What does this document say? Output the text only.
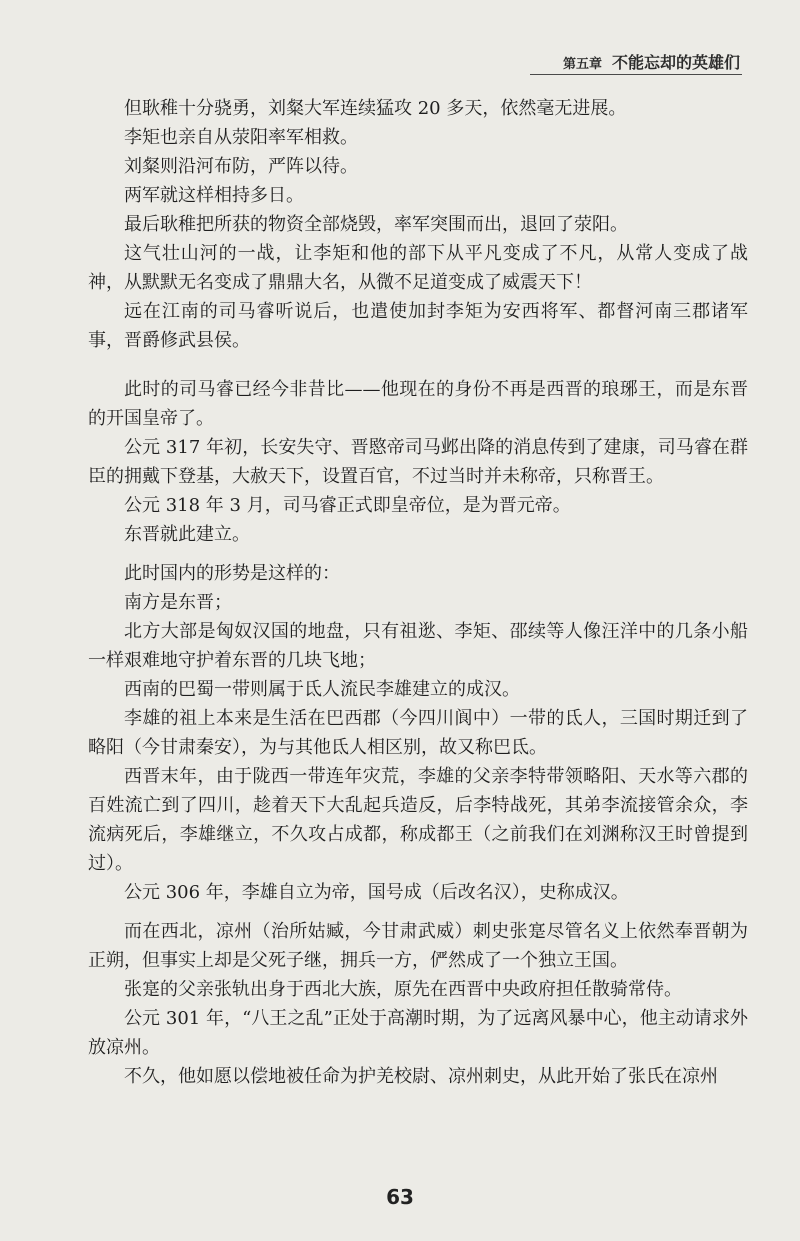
第五章 不能忘却的英雄们

但耿稚十分骁勇，刘粲大军连续猛攻 20 多天，依然毫无进展。

李矩也亲自从荥阳率军相救。

刘粲则沿河布防，严阵以待。

两军就这样相持多日。

最后耿稚把所获的物资全部烧毁，率军突围而出，退回了荥阳。

这气壮山河的一战，让李矩和他的部下从平凡变成了不凡，从常人变成了战神，从默默无名变成了鼎鼎大名，从微不足道变成了威震天下！

远在江南的司马睿听说后，也遣使加封李矩为安西将军、都督河南三郡诸军事，晋爵修武县侯。

此时的司马睿已经今非昔比——他现在的身份不再是西晋的琅琊王，而是东晋的开国皇帝了。

公元 317 年初，长安失守、晋愍帝司马邺出降的消息传到了建康，司马睿在群臣的拥戴下登基，大赦天下，设置百官，不过当时并未称帝，只称晋王。

公元 318 年 3 月，司马睿正式即皇帝位，是为晋元帝。

东晋就此建立。

此时国内的形势是这样的：

南方是东晋；

北方大部是匈奴汉国的地盘，只有祖逖、李矩、邵续等人像汪洋中的几条小船一样艰难地守护着东晋的几块飞地；

西南的巴蜀一带则属于氐人流民李雄建立的成汉。

李雄的祖上本来是生活在巴西郡（今四川阆中）一带的氐人，三国时期迁到了略阳（今甘肃秦安），为与其他氐人相区别，故又称巴氐。

西晋末年，由于陇西一带连年灾荒，李雄的父亲李特带领略阳、天水等六郡的百姓流亡到了四川，趁着天下大乱起兵造反，后李特战死，其弟李流接管余众，李流病死后，李雄继立，不久攻占成都，称成都王（之前我们在刘渊称汉王时曾提到过）。

公元 306 年，李雄自立为帝，国号成（后改名汉），史称成汉。

而在西北，凉州（治所姑臧，今甘肃武威）刺史张寔尽管名义上依然奉晋朝为正朔，但事实上却是父死子继，拥兵一方，俨然成了一个独立王国。

张寔的父亲张轨出身于西北大族，原先在西晋中央政府担任散骑常侍。

公元 301 年，“八王之乱”正处于高潮时期，为了远离风暴中心，他主动请求外放凉州。

不久，他如愿以偿地被任命为护羌校尉、凉州刺史，从此开始了张氏在凉州

63
